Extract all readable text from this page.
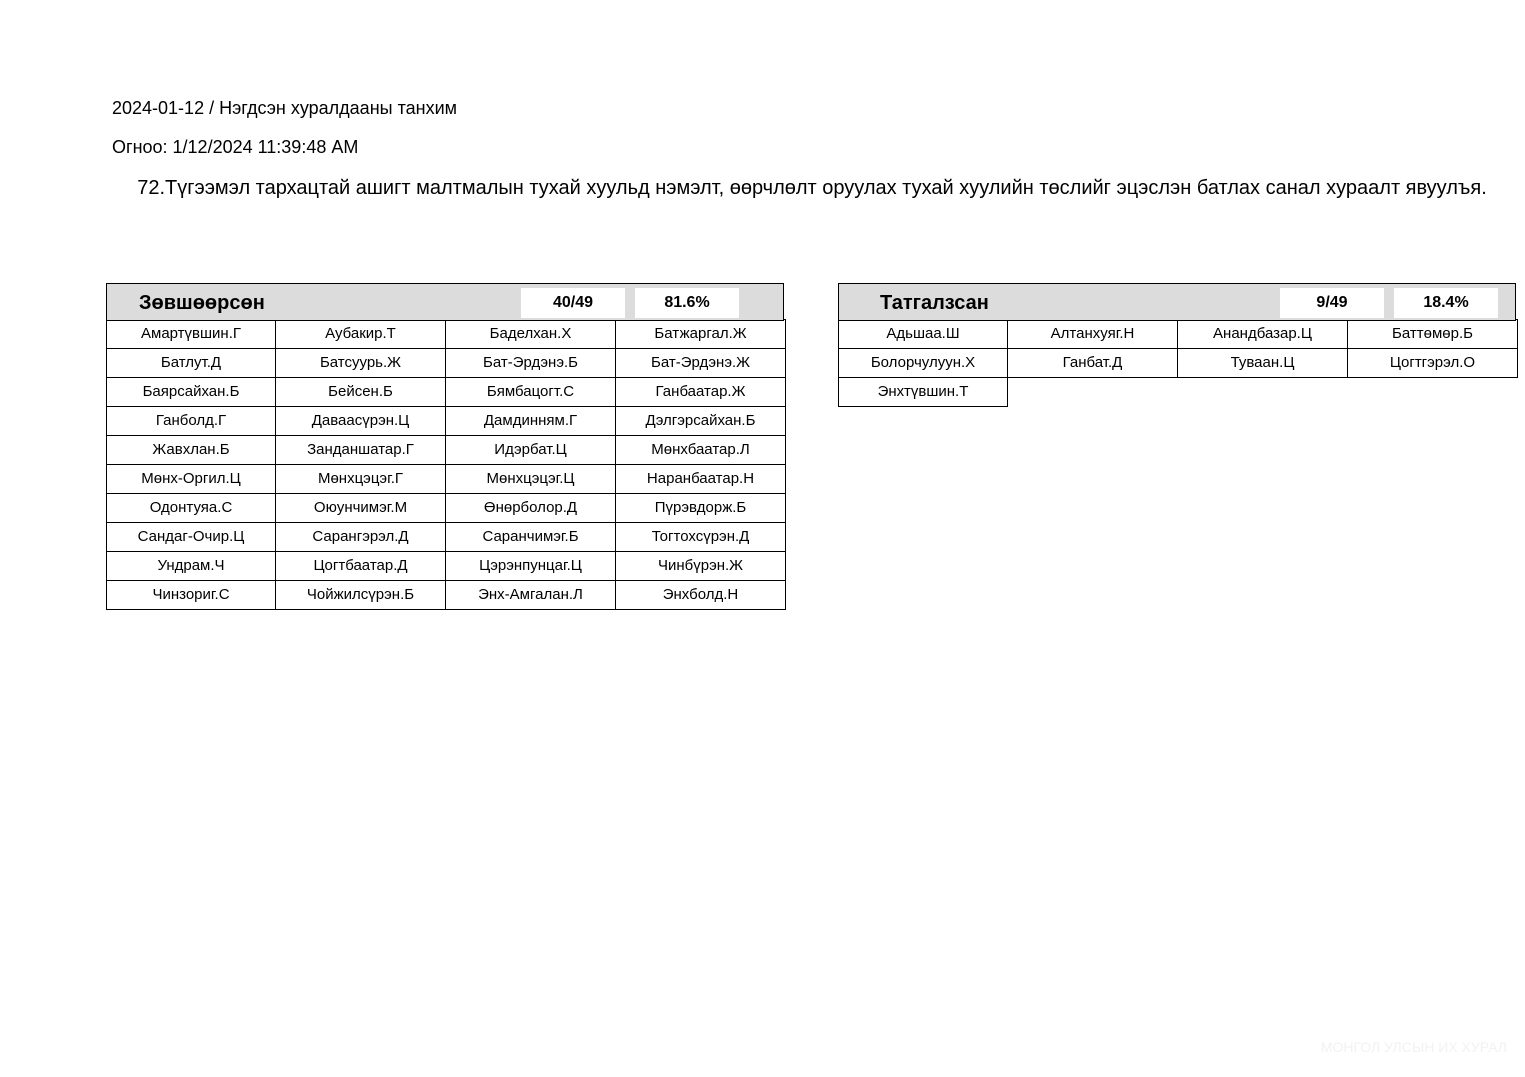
2024-01-12 / Нэгдсэн хуралдааны танхим
Огноо: 1/12/2024 11:39:48 AM
72.Түгээмэл тархацтай ашигт малтмалын тухай хуульд нэмэлт, өөрчлөлт оруулах тухай хуулийн төслийг эцэслэн батлах санал хураалт явуулъя.
Зөвшөөрсөн	40/49	81.6%
Амартүвшин.Г	Аубакир.Т	Баделхан.Х	Батжаргал.Ж
Батлут.Д	Батсуурь.Ж	Бат-Эрдэнэ.Б	Бат-Эрдэнэ.Ж
Баярсайхан.Б	Бейсен.Б	Бямбацогт.С	Ганбаатар.Ж
Ганболд.Г	Даваасүрэн.Ц	Дамдинням.Г	Дэлгэрсайхан.Б
Жавхлан.Б	Занданшатар.Г	Идэрбат.Ц	Мөнхбаатар.Л
Мөнх-Оргил.Ц	Мөнхцэцэг.Г	Мөнхцэцэг.Ц	Наранбаатар.Н
Одонтуяа.С	Оюунчимэг.М	Өнөрболор.Д	Пүрэвдорж.Б
Сандаг-Очир.Ц	Сарангэрэл.Д	Саранчимэг.Б	Тогтохсүрэн.Д
Ундрам.Ч	Цогтбаатар.Д	Цэрэнпунцаг.Ц	Чинбүрэн.Ж
Чинзориг.С	Чойжилсүрэн.Б	Энх-Амгалан.Л	Энхболд.Н
Татгалзсан	9/49	18.4%
Адьшаа.Ш	Алтанхуяг.Н	Анандбазар.Ц	Баттөмөр.Б
Болорчулуун.Х	Ганбат.Д	Туваан.Ц	Цогтгэрэл.О
Энхтүвшин.Т
МОНГОЛ УЛСЫН ИХ ХУРАЛ
